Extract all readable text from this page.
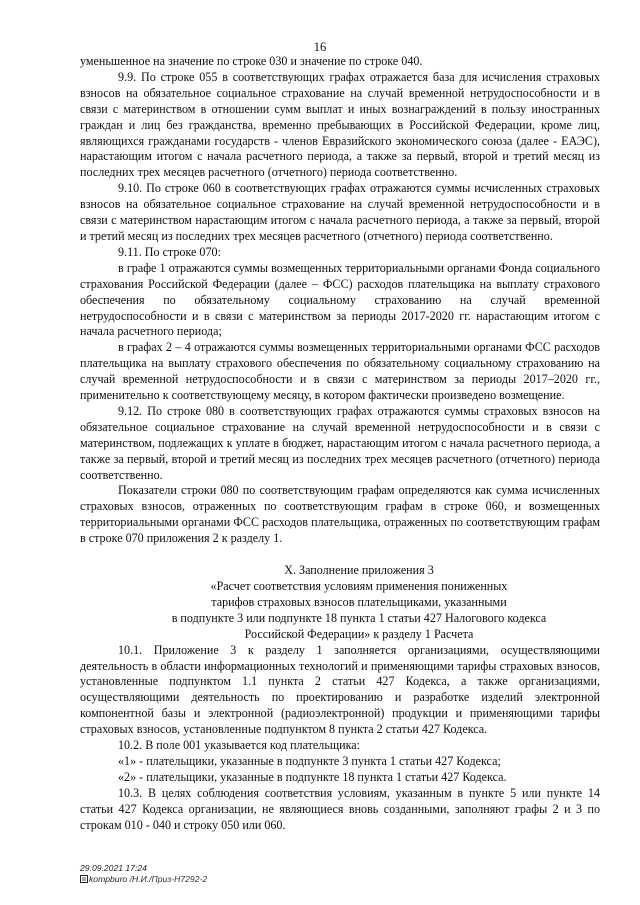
16

уменьшенное на значение по строке 030 и значение по строке 040.

9.9. По строке 055 в соответствующих графах отражается база для исчисления страховых взносов на обязательное социальное страхование на случай временной нетрудоспособности и в связи с материнством в отношении сумм выплат и иных вознаграждений в пользу иностранных граждан и лиц без гражданства, временно пребывающих в Российской Федерации, кроме лиц, являющихся гражданами государств - членов Евразийского экономического союза (далее - ЕАЭС), нарастающим итогом с начала расчетного периода, а также за первый, второй и третий месяц из последних трех месяцев расчетного (отчетного) периода соответственно.

9.10. По строке 060 в соответствующих графах отражаются суммы исчисленных страховых взносов на обязательное социальное страхование на случай временной нетрудоспособности и в связи с материнством нарастающим итогом с начала расчетного периода, а также за первый, второй и третий месяц из последних трех месяцев расчетного (отчетного) периода соответственно.

9.11. По строке 070:

в графе 1 отражаются суммы возмещенных территориальными органами Фонда социального страхования Российской Федерации (далее – ФСС) расходов плательщика на выплату страхового обеспечения по обязательному социальному страхованию на случай временной нетрудоспособности и в связи с материнством за периоды 2017-2020 гг. нарастающим итогом с начала расчетного периода;

в графах 2 – 4 отражаются суммы возмещенных территориальными органами ФСС расходов плательщика на выплату страхового обеспечения по обязательному социальному страхованию на случай временной нетрудоспособности и в связи с материнством за периоды 2017–2020 гг., применительно к соответствующему месяцу, в котором фактически произведено возмещение.

9.12. По строке 080 в соответствующих графах отражаются суммы страховых взносов на обязательное социальное страхование на случай временной нетрудоспособности и в связи с материнством, подлежащих к уплате в бюджет, нарастающим итогом с начала расчетного периода, а также за первый, второй и третий месяц из последних трех месяцев расчетного (отчетного) периода соответственно.

Показатели строки 080 по соответствующим графам определяются как сумма исчисленных страховых взносов, отраженных по соответствующим графам в строке 060, и возмещенных территориальными органами ФСС расходов плательщика, отраженных по соответствующим графам в строке 070 приложения 2 к разделу 1.

X. Заполнение приложения 3

«Расчет соответствия условиям применения пониженных

тарифов страховых взносов плательщиками, указанными

в подпункте 3 или подпункте 18 пункта 1 статьи 427 Налогового кодекса

Российской Федерации» к разделу 1 Расчета

10.1. Приложение 3 к разделу 1 заполняется организациями, осуществляющими деятельность в области информационных технологий и применяющими тарифы страховых взносов, установленные подпунктом 1.1 пункта 2 статьи 427 Кодекса, а также организациями, осуществляющими деятельность по проектированию и разработке изделий электронной компонентной базы и электронной (радиоэлектронной) продукции и применяющими тарифы страховых взносов, установленные подпунктом 8 пункта 2 статьи 427 Кодекса.

10.2. В поле 001 указывается код плательщика:

«1» - плательщики, указанные в подпункте 3 пункта 1 статьи 427 Кодекса;

«2» - плательщики, указанные в подпункте 18 пункта 1 статьи 427 Кодекса.

10.3. В целях соблюдения соответствия условиям, указанным в пункте 5 или пункте 14 статьи 427 Кодекса организации, не являющиеся вновь созданными, заполняют графы 2 и 3 по строкам 010 - 040 и строку 050 или 060.

29.09.2021 17:24
kompburo /Н.И./Приз-Н7292-2
